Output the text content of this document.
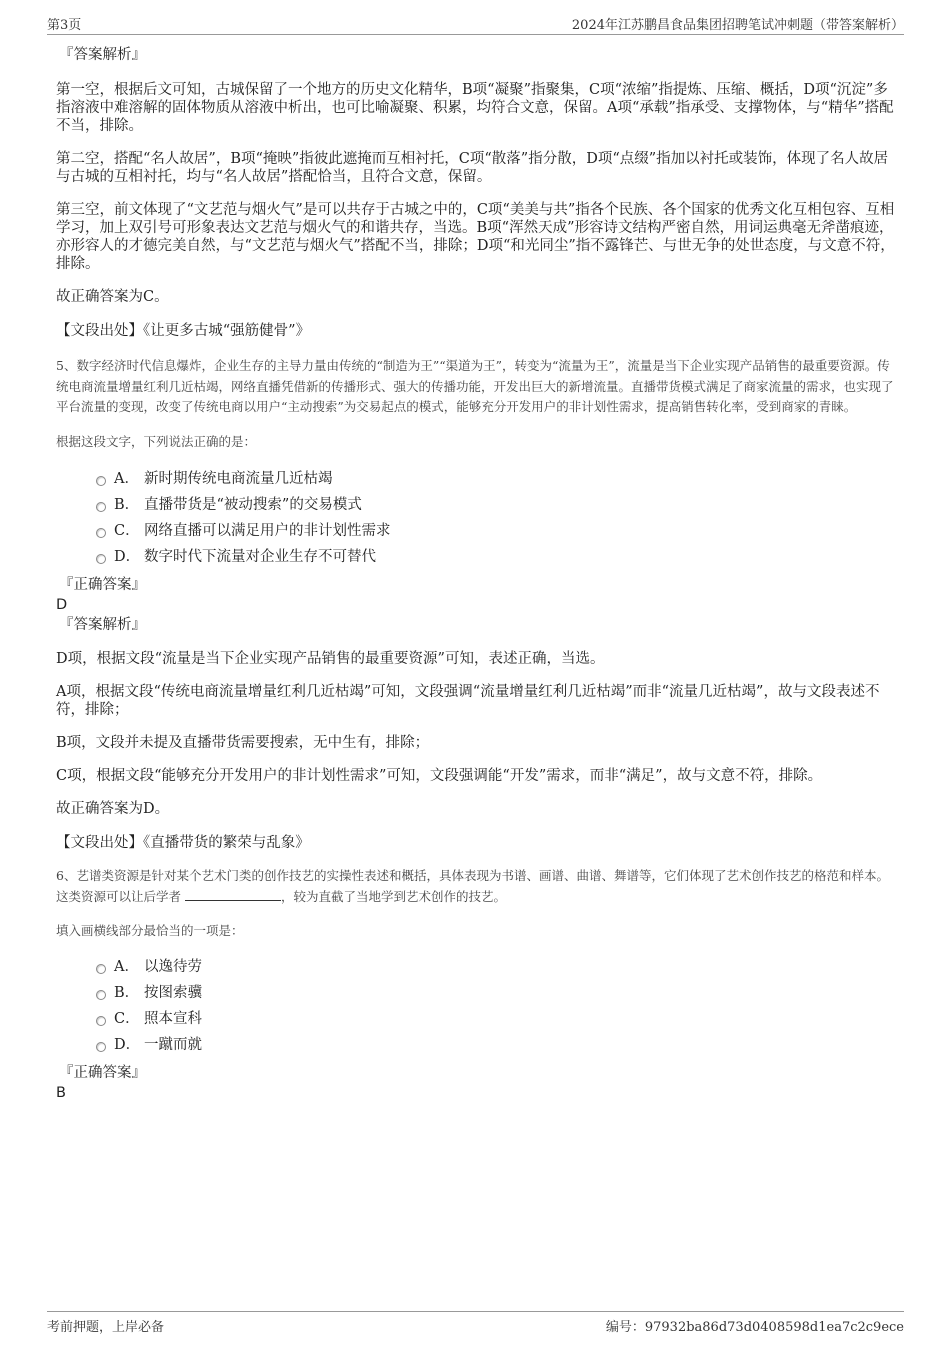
第3页	2024年江苏鹏昌食品集团招聘笔试冲刺题（带答案解析）

『答案解析』

第一空，根据后文可知，古城保留了一个地方的历史文化精华，B项“凝聚”指聚集，C项“浓缩”指提炼、压缩、概括，D项“沉淀”多指溶液中难溶解的固体物质从溶液中析出，也可比喻凝聚、积累，均符合文意，保留。A项“承载”指承受、支撑物体，与“精华”搭配不当，排除。

第二空，搭配“名人故居”，B项“掩映”指彼此遮掩而互相衬托，C项“散落”指分散，D项“点缀”指加以衬托或装饰，体现了名人故居与古城的互相衬托，均与“名人故居”搭配恰当，且符合文意，保留。

第三空，前文体现了“文艺范与烟火气”是可以共存于古城之中的，C项“美美与共”指各个民族、各个国家的优秀文化互相包容、互相学习，加上双引号可形象表达文艺范与烟火气的和谐共存，当选。B项“浑然天成”形容诗文结构严密自然，用词运典毫无斧凿痕迹，亦形容人的才德完美自然，与“文艺范与烟火气”搭配不当，排除；D项“和光同尘”指不露锋芒、与世无争的处世态度，与文意不符，排除。

故正确答案为C。

【文段出处】《让更多古城“强筋健骨”》

5、数字经济时代信息爆炸，企业生存的主导力量由传统的“制造为王”“渠道为王”，转变为“流量为王”，流量是当下企业实现产品销售的最重要资源。传统电商流量增量红利几近枯竭，网络直播凭借新的传播形式、强大的传播功能，开发出巨大的新增流量。直播带货模式满足了商家流量的需求，也实现了平台流量的变现，改变了传统电商以用户“主动搜索”为交易起点的模式，能够充分开发用户的非计划性需求，提高销售转化率，受到商家的青睐。

根据这段文字，下列说法正确的是：

A． 新时期传统电商流量几近枯竭
B． 直播带货是“被动搜索”的交易模式
C． 网络直播可以满足用户的非计划性需求
D． 数字时代下流量对企业生存不可替代

『正确答案』

D

『答案解析』

D项，根据文段“流量是当下企业实现产品销售的最重要资源”可知，表述正确，当选。

A项，根据文段“传统电商流量增量红利几近枯竭”可知，文段强调“流量增量红利几近枯竭”而非“流量几近枯竭”，故与文段表述不符，排除；

B项，文段并未提及直播带货需要搜索，无中生有，排除；

C项，根据文段“能够充分开发用户的非计划性需求”可知，文段强调能“开发”需求，而非“满足”，故与文意不符，排除。

故正确答案为D。

【文段出处】《直播带货的繁荣与乱象》

6、艺谱类资源是针对某个艺术门类的创作技艺的实操性表述和概括，具体表现为书谱、画谱、曲谱、舞谱等，它们体现了艺术创作技艺的格范和样本。这类资源可以让后学者	，较为直截了当地学到艺术创作的技艺。

填入画横线部分最恰当的一项是：

A． 以逸待劳
B． 按图索骥
C． 照本宣科
D． 一蹴而就

『正确答案』

B

考前押题，上岸必备	编号：97932ba86d73d0408598d1ea7c2c9ece
